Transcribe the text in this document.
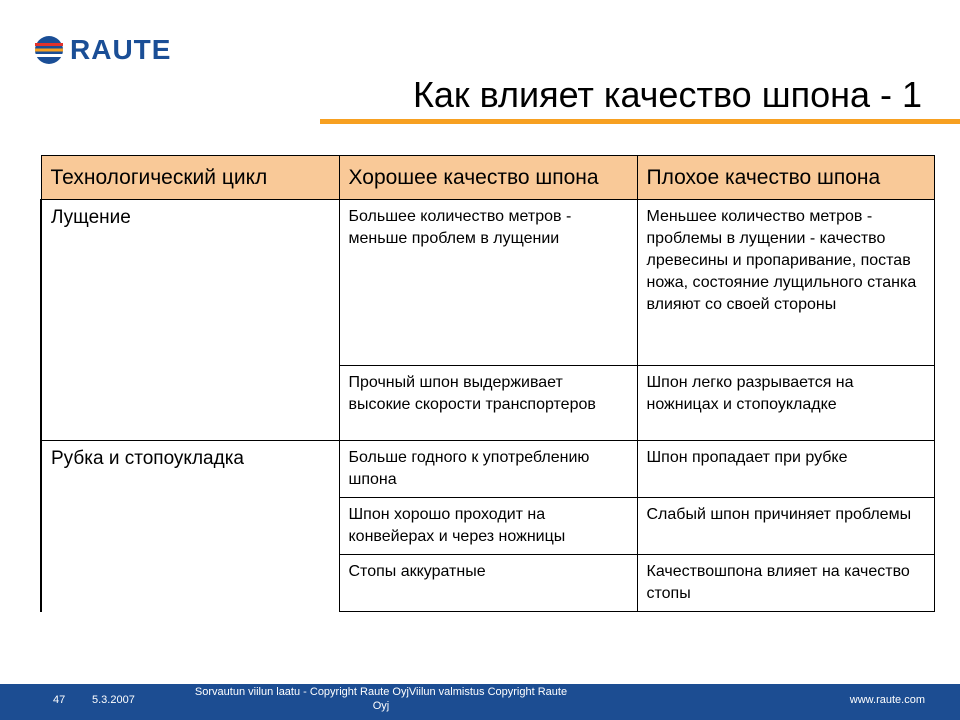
RAUTE
Как влияет качество шпона - 1
Технологический цикл	Хорошее качество шпона	Плохое качество шпона
Лущение	Большее количество метров - меньше проблем в лущении	Меньшее количество метров - проблемы в лущении - качество лревесины и пропаривание, постав ножа, состояние лущильного станка влияют со своей стороны
	Прочный шпон выдерживает высокие скорости транспортеров	Шпон легко разрывается на ножницах и стопоукладке
Рубка и стопоукладка	Больше годного к употреблению шпона	Шпон пропадает при рубке
	Шпон хорошо проходит на конвейерах и через ножницы	Слабый шпон причиняет проблемы
	Стопы аккуратные	Качествошпона влияет на качество стопы
47 5.3.2007
Sorvautun viilun laatu - Copyright Raute OyjViilun valmistus Copyright Raute Oyj	www.raute.com
